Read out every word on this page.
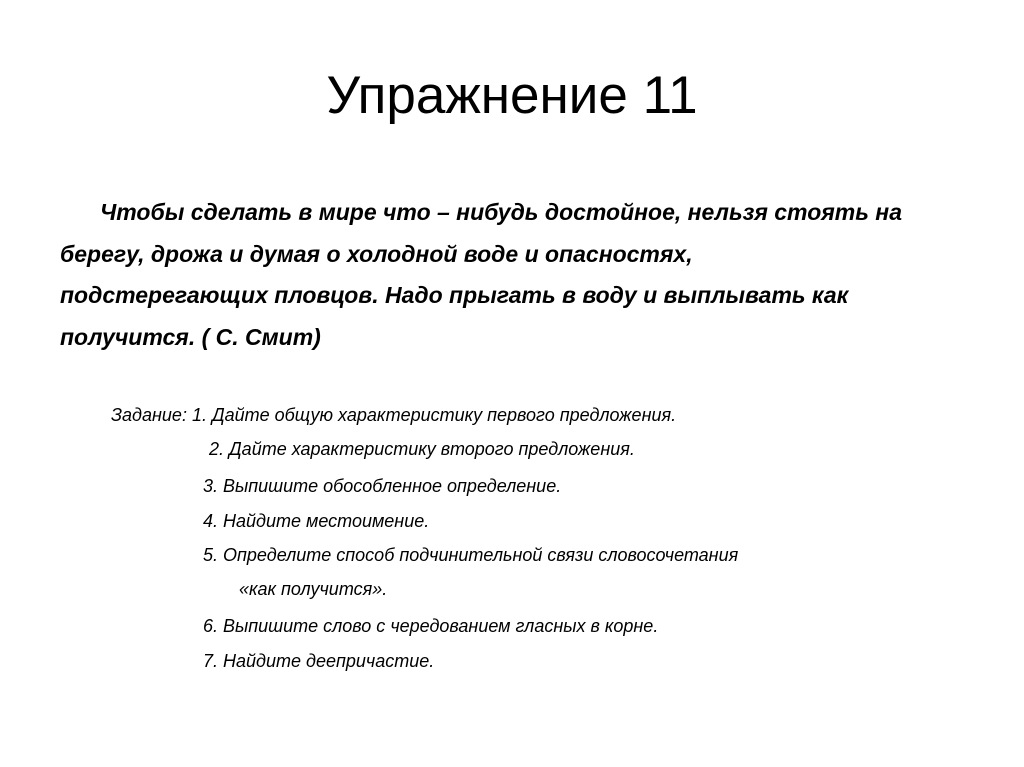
Упражнение 11
Чтобы сделать в мире что – нибудь достойное, нельзя стоять на
берегу, дрожа и думая о холодной воде и опасностях,
подстерегающих пловцов. Надо прыгать в воду и выплывать как
получится. ( С. Смит)
Задание: 1. Дайте общую характеристику первого предложения.
2. Дайте характеристику второго предложения.
3. Выпишите обособленное определение.
4. Найдите местоимение.
5. Определите способ подчинительной связи словосочетания
«как получится».
6. Выпишите слово с чередованием гласных в корне.
7. Найдите деепричастие.
